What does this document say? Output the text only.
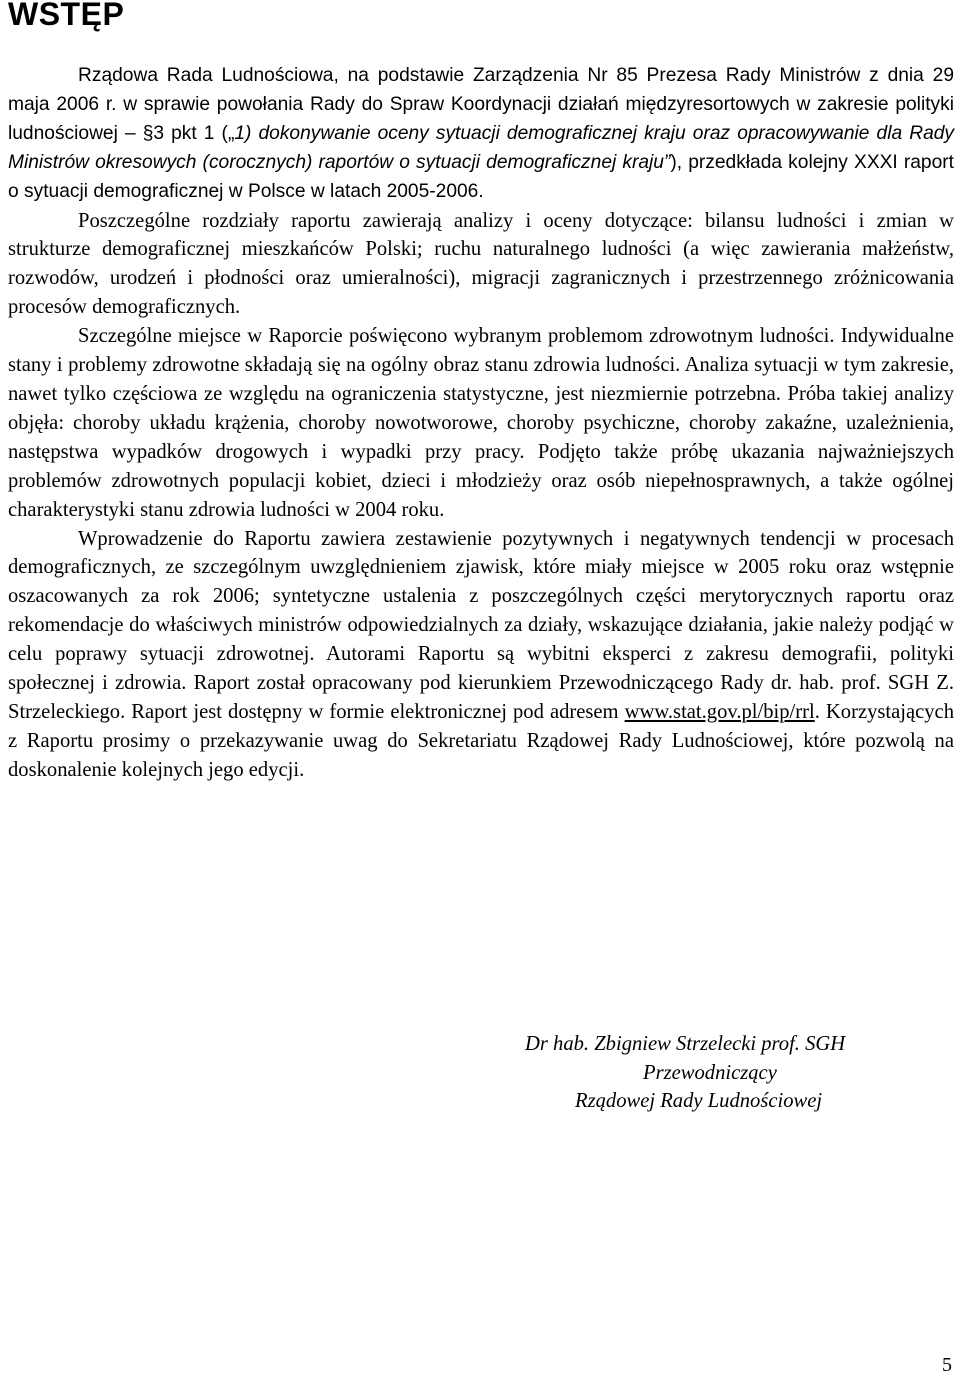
WSTĘP

Rządowa Rada Ludnościowa, na podstawie Zarządzenia Nr 85 Prezesa Rady Ministrów z dnia 29 maja 2006 r. w sprawie powołania Rady do Spraw Koordynacji działań międzyresortowych w zakresie polityki ludnościowej – §3 pkt 1 („1) dokonywanie oceny sytuacji demograficznej kraju oraz opracowywanie dla Rady Ministrów okresowych (corocznych) raportów o sytuacji demograficznej kraju”), przedkłada kolejny XXXI raport o sytuacji demograficznej w Polsce w latach 2005-2006.

Poszczególne rozdziały raportu zawierają analizy i oceny dotyczące: bilansu ludności i zmian w strukturze demograficznej mieszkańców Polski; ruchu naturalnego ludności (a więc zawierania małżeństw, rozwodów, urodzeń i płodności oraz umieralności), migracji zagranicznych i przestrzennego zróżnicowania procesów demograficznych.

Szczególne miejsce w Raporcie poświęcono wybranym problemom zdrowotnym ludności. Indywidualne stany i problemy zdrowotne składają się na ogólny obraz stanu zdrowia ludności. Analiza sytuacji w tym zakresie, nawet tylko częściowa ze względu na ograniczenia statystyczne, jest niezmiernie potrzebna. Próba takiej analizy objęła: choroby układu krążenia, choroby nowotworowe, choroby psychiczne, choroby zakaźne, uzależnienia, następstwa wypadków drogowych i wypadki przy pracy. Podjęto także próbę ukazania najważniejszych problemów zdrowotnych populacji kobiet, dzieci i młodzieży oraz osób niepełnosprawnych, a także ogólnej charakterystyki stanu zdrowia ludności w 2004 roku.

Wprowadzenie do Raportu zawiera zestawienie pozytywnych i negatywnych tendencji w procesach demograficznych, ze szczególnym uwzględnieniem zjawisk, które miały miejsce w 2005 roku oraz wstępnie oszacowanych za rok 2006; syntetyczne ustalenia z poszczególnych części merytorycznych raportu oraz rekomendacje do właściwych ministrów odpowiedzialnych za działy, wskazujące działania, jakie należy podjąć w celu poprawy sytuacji zdrowotnej. Autorami Raportu są wybitni eksperci z zakresu demografii, polityki społecznej i zdrowia. Raport został opracowany pod kierunkiem Przewodniczącego Rady dr. hab. prof. SGH Z. Strzeleckiego. Raport jest dostępny w formie elektronicznej pod adresem www.stat.gov.pl/bip/rrl. Korzystających z Raportu prosimy o przekazywanie uwag do Sekretariatu Rządowej Rady Ludnościowej, które pozwolą na doskonalenie kolejnych jego edycji.

Dr hab. Zbigniew Strzelecki prof. SGH
Przewodniczący
Rządowej Rady Ludnościowej
5
